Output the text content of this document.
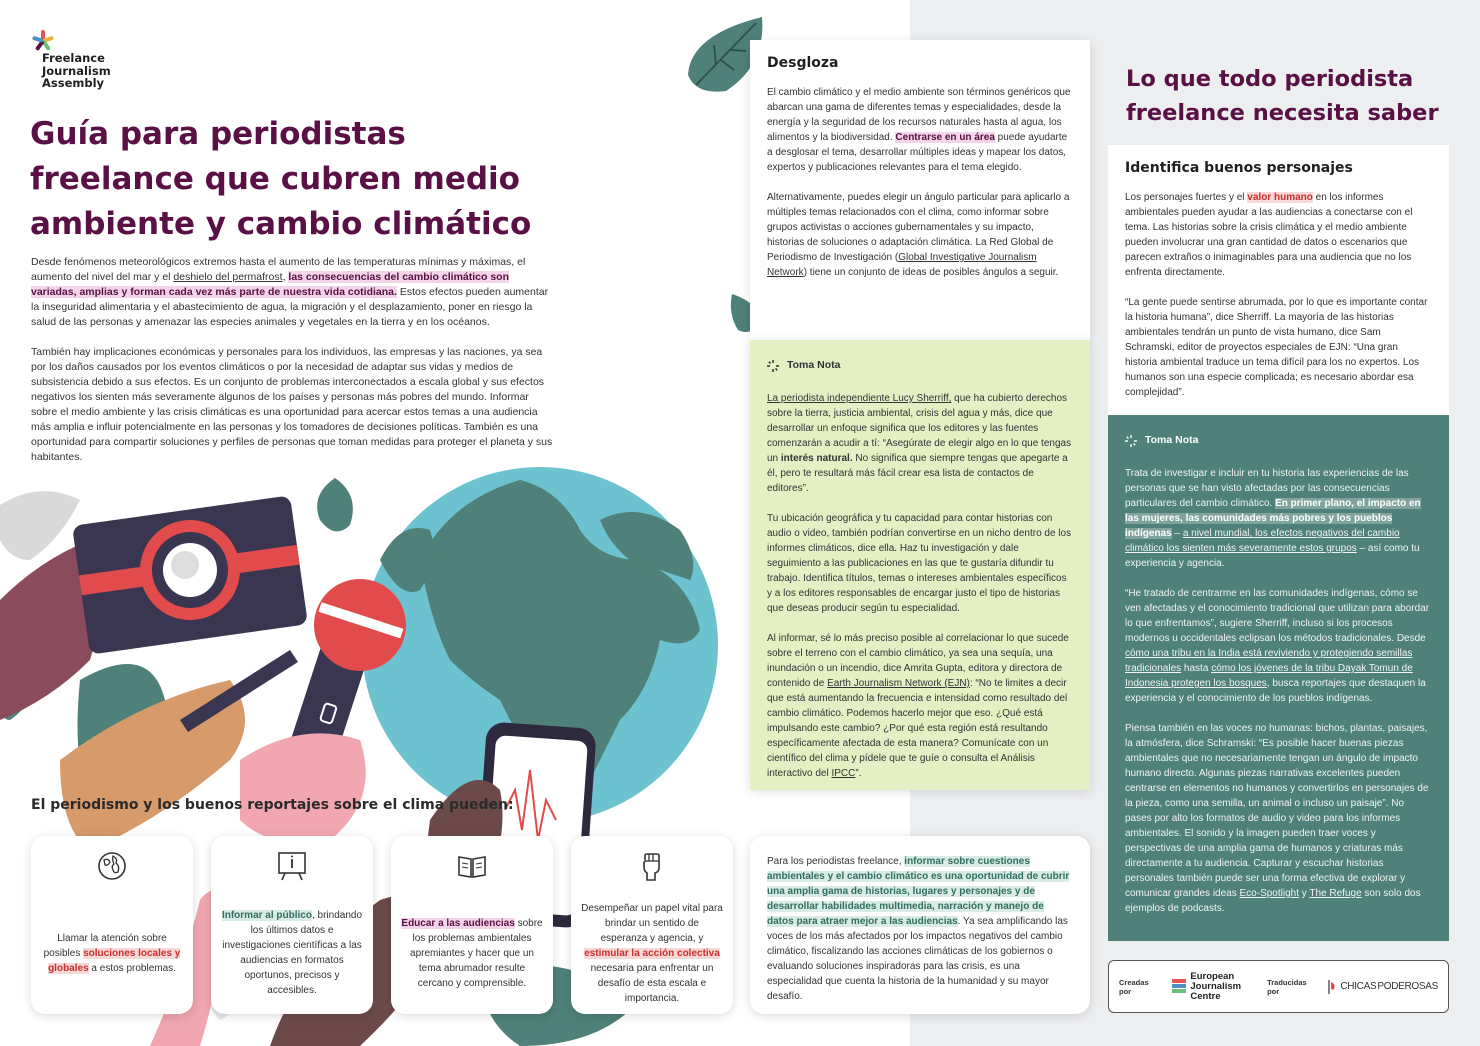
Freelance
Journalism
Assembly
Guía para periodistas freelance que cubren medio ambiente y cambio climático

Desde fenómenos meteorológicos extremos hasta el aumento de las temperaturas mínimas y máximas, el aumento del nivel del mar y el deshielo del permafrost, las consecuencias del cambio climático son variadas, amplias y forman cada vez más parte de nuestra vida cotidiana. Estos efectos pueden aumentar la inseguridad alimentaria y el abastecimiento de agua, la migración y el desplazamiento, poner en riesgo la salud de las personas y amenazar las especies animales y vegetales en la tierra y en los océanos.

También hay implicaciones económicas y personales para los individuos, las empresas y las naciones, ya sea por los daños causados por los eventos climáticos o por la necesidad de adaptar sus vidas y medios de subsistencia debido a sus efectos. Es un conjunto de problemas interconectados a escala global y sus efectos negativos los sienten más severamente algunos de los países y personas más pobres del mundo. Informar sobre el medio ambiente y las crisis climáticas es una oportunidad para acercar estos temas a una audiencia más amplia e influir potencialmente en las personas y los tomadores de decisiones políticas. También es una oportunidad para compartir soluciones y perfiles de personas que toman medidas para proteger el planeta y sus habitantes.

El periodismo y los buenos reportajes sobre el clima pueden:
Llamar la atención sobre posibles soluciones locales y globales a estos problemas.
Informar al público, brindando los últimos datos e investigaciones científicas a las audiencias en formatos oportunos, precisos y accesibles.
Educar a las audiencias sobre los problemas ambientales apremiantes y hacer que un tema abrumador resulte cercano y comprensible.
Desempeñar un papel vital para brindar un sentido de esperanza y agencia, y estimular la acción colectiva necesaria para enfrentar un desafío de esta escala e importancia.
Desgloza

El cambio climático y el medio ambiente son términos genéricos que abarcan una gama de diferentes temas y especialidades, desde la energía y la seguridad de los recursos naturales hasta al agua, los alimentos y la biodiversidad. Centrarse en un área puede ayudarte a desglosar el tema, desarrollar múltiples ideas y mapear los datos, expertos y publicaciones relevantes para el tema elegido.

Alternativamente, puedes elegir un ángulo particular para aplicarlo a múltiples temas relacionados con el clima, como informar sobre grupos activistas o acciones gubernamentales y su impacto, historias de soluciones o adaptación climática. La Red Global de Periodismo de Investigación (Global Investigative Journalism Network) tiene un conjunto de ideas de posibles ángulos a seguir.

Toma Nota

La periodista independiente Lucy Sherriff, que ha cubierto derechos sobre la tierra, justicia ambiental, crisis del agua y más, dice que desarrollar un enfoque significa que los editores y las fuentes comenzarán a acudir a tí: “Asegúrate de elegir algo en lo que tengas un interés natural. No significa que siempre tengas que apegarte a él, pero te resultará más fácil crear esa lista de contactos de editores”.

Tu ubicación geográfica y tu capacidad para contar historias con audio o video, también podrían convertirse en un nicho dentro de los informes climáticos, dice ella. Haz tu investigación y dale seguimiento a las publicaciones en las que te gustaría difundir tu trabajo. Identifica títulos, temas o intereses ambientales específicos y a los editores responsables de encargar justo el tipo de historias que deseas producir según tu especialidad.

Al informar, sé lo más preciso posible al correlacionar lo que sucede sobre el terreno con el cambio climático, ya sea una sequía, una inundación o un incendio, dice Amrita Gupta, editora y directora de contenido de Earth Journalism Network (EJN): “No te limites a decir que está aumentando la frecuencia e intensidad como resultado del cambio climático. Podemos hacerlo mejor que eso. ¿Qué está impulsando este cambio? ¿Por qué esta región está resultando específicamente afectada de esta manera? Comunícate con un científico del clima y pídele que te guíe o consulta el Análisis interactivo del IPCC”.

Para los periodistas freelance, informar sobre cuestiones ambientales y el cambio climático es una oportunidad de cubrir una amplia gama de historias, lugares y personajes y de desarrollar habilidades multimedia, narración y manejo de datos para atraer mejor a las audiencias. Ya sea amplificando las voces de los más afectados por los impactos negativos del cambio climático, fiscalizando las acciones climáticas de los gobiernos o evaluando soluciones inspiradoras para las crisis, es una especialidad que cuenta la historia de la humanidad y su mayor desafío.

Lo que todo periodista freelance necesita saber
Identifica buenos personajes

Los personajes fuertes y el valor humano en los informes ambientales pueden ayudar a las audiencias a conectarse con el tema. Las historias sobre la crisis climática y el medio ambiente pueden involucrar una gran cantidad de datos o escenarios que parecen extraños o inimaginables para una audiencia que no los enfrenta directamente.

“La gente puede sentirse abrumada, por lo que es importante contar la historia humana”, dice Sherriff. La mayoría de las historias ambientales tendrán un punto de vista humano, dice Sam Schramski, editor de proyectos especiales de EJN: “Una gran historia ambiental traduce un tema difícil para los no expertos. Los humanos son una especie complicada; es necesario abordar esa complejidad”.

Toma Nota

Trata de investigar e incluir en tu historia las experiencias de las personas que se han visto afectadas por las consecuencias particulares del cambio climático. En primer plano, el impacto en las mujeres, las comunidades más pobres y los pueblos indígenas – a nivel mundial, los efectos negativos del cambio climático los sienten más severamente estos grupos – así como tu experiencia y agencia.

“He tratado de centrarme en las comunidades indígenas, cómo se ven afectadas y el conocimiento tradicional que utilizan para abordar lo que enfrentamos”, sugiere Sherriff, incluso si los procesos modernos u occidentales eclipsan los métodos tradicionales. Desde cómo una tribu en la India está reviviendo y protegiendo semillas tradicionales hasta cómo los jóvenes de la tribu Dayak Tomun de Indonesia protegen los bosques, busca reportajes que destaquen la experiencia y el conocimiento de los pueblos indígenas.

Piensa también en las voces no humanas: bichos, plantas, paisajes, la atmósfera, dice Schramski: “Es posible hacer buenas piezas ambientales que no necesariamente tengan un ángulo de impacto humano directo. Algunas piezas narrativas excelentes pueden centrarse en elementos no humanos y convertirlos en personajes de la pieza, como una semilla, un animal o incluso un paisaje”. No pases por alto los formatos de audio y video para los informes ambientales. El sonido y la imagen pueden traer voces y perspectivas de una amplia gama de humanos y criaturas más directamente a tu audiencia. Capturar y escuchar historias personales también puede ser una forma efectiva de explorar y comunicar grandes ideas Eco-Spotlight y The Refuge son solo dos ejemplos de podcasts.

Creadas por
European
Journalism
Centre
Traducidas por	CHICAS PODEROSAS
